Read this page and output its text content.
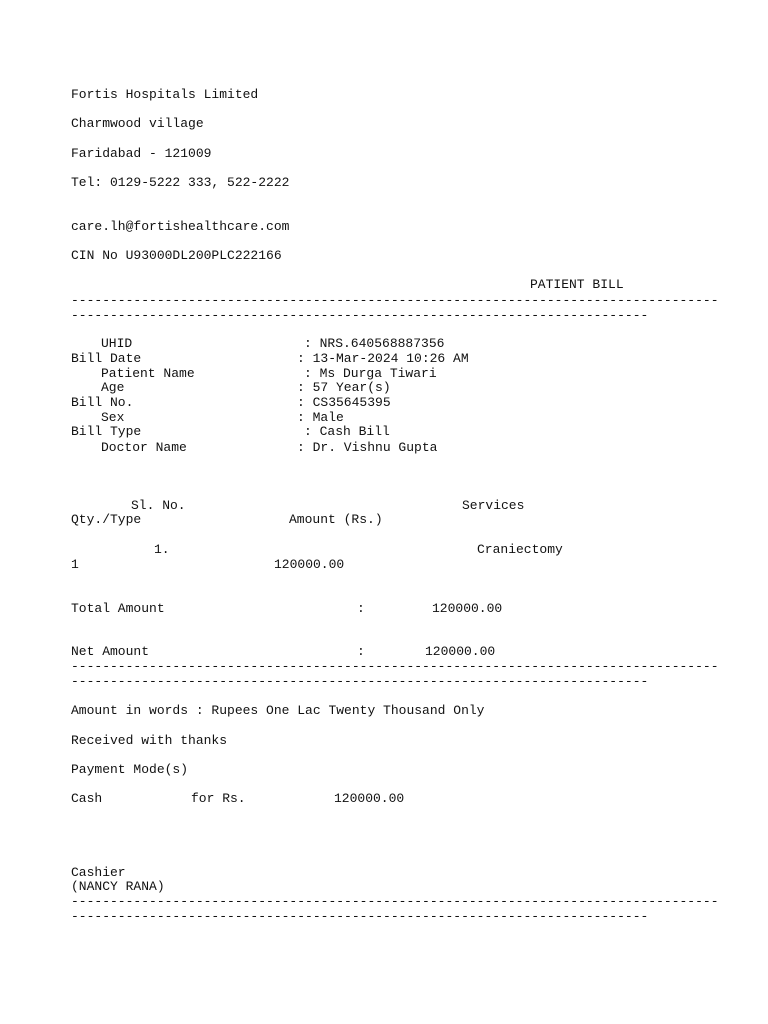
Fortis Hospitals Limited

Charmwood village

Faridabad - 121009

Tel: 0129-5222 333, 522-2222

care.lh@fortishealthcare.com

CIN No U93000DL200PLC222166

PATIENT BILL

-----------------------------------------------------------------------------------

--------------------------------------------------------------------------

UHID	: NRS.640568887356

Bill Date	: 13-Mar-2024 10:26 AM

Patient Name	: Ms Durga Tiwari

Age	: 57 Year(s)

Bill No.	: CS35645395

Sex	: Male

Bill Type	: Cash Bill

Doctor Name	: Dr. Vishnu Gupta

Sl. No.	Services

Qty./Type	Amount (Rs.)

1.	Craniectomy

1	120000.00

Total Amount	:	120000.00

Net Amount	:	120000.00

-----------------------------------------------------------------------------------

--------------------------------------------------------------------------

Amount in words : Rupees One Lac Twenty Thousand Only

Received with thanks

Payment Mode(s)

Cash	for Rs.	120000.00

Cashier

(NANCY RANA)

-----------------------------------------------------------------------------------

--------------------------------------------------------------------------
